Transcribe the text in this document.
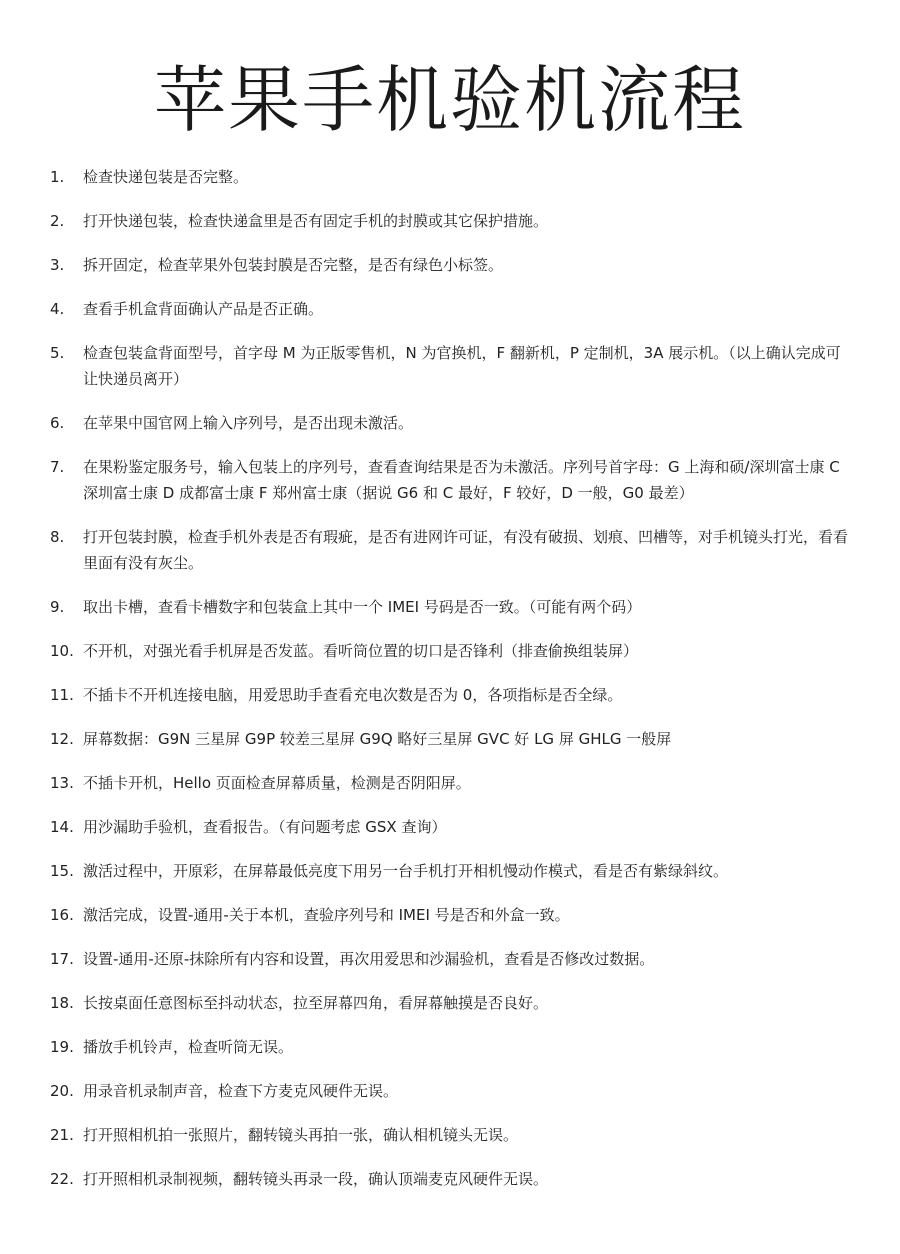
苹果手机验机流程
1.	检查快递包装是否完整。
2.	打开快递包装，检查快递盒里是否有固定手机的封膜或其它保护措施。
3.	拆开固定，检查苹果外包装封膜是否完整，是否有绿色小标签。
4.	查看手机盒背面确认产品是否正确。
5.	检查包装盒背面型号，首字母 M 为正版零售机，N 为官换机，F 翻新机，P 定制机，3A 展示机。（以上确认完成可让快递员离开）
6.	在苹果中国官网上输入序列号，是否出现未激活。
7.	在果粉鉴定服务号，输入包装上的序列号，查看查询结果是否为未激活。序列号首字母：G 上海和硕/深圳富士康 C 深圳富士康 D 成都富士康 F 郑州富士康（据说 G6 和 C 最好，F 较好，D 一般，G0 最差）
8.	打开包装封膜，检查手机外表是否有瑕疵，是否有进网许可证，有没有破损、划痕、凹槽等，对手机镜头打光，看看里面有没有灰尘。
9.	取出卡槽，查看卡槽数字和包装盒上其中一个 IMEI 号码是否一致。（可能有两个码）
10. 不开机，对强光看手机屏是否发蓝。看听筒位置的切口是否锋利（排查偷换组装屏）
11. 不插卡不开机连接电脑，用爱思助手查看充电次数是否为 0，各项指标是否全绿。
12. 屏幕数据：G9N 三星屏 G9P 较差三星屏 G9Q 略好三星屏 GVC 好 LG 屏 GHLG 一般屏
13. 不插卡开机，Hello 页面检查屏幕质量，检测是否阴阳屏。
14. 用沙漏助手验机，查看报告。（有问题考虑 GSX 查询）
15. 激活过程中，开原彩，在屏幕最低亮度下用另一台手机打开相机慢动作模式，看是否有紫绿斜纹。
16. 激活完成，设置-通用-关于本机，查验序列号和 IMEI 号是否和外盒一致。
17. 设置-通用-还原-抹除所有内容和设置，再次用爱思和沙漏验机，查看是否修改过数据。
18. 长按桌面任意图标至抖动状态，拉至屏幕四角，看屏幕触摸是否良好。
19. 播放手机铃声，检查听筒无误。
20. 用录音机录制声音，检查下方麦克风硬件无误。
21. 打开照相机拍一张照片，翻转镜头再拍一张，确认相机镜头无误。
22. 打开照相机录制视频，翻转镜头再录一段，确认顶端麦克风硬件无误。
